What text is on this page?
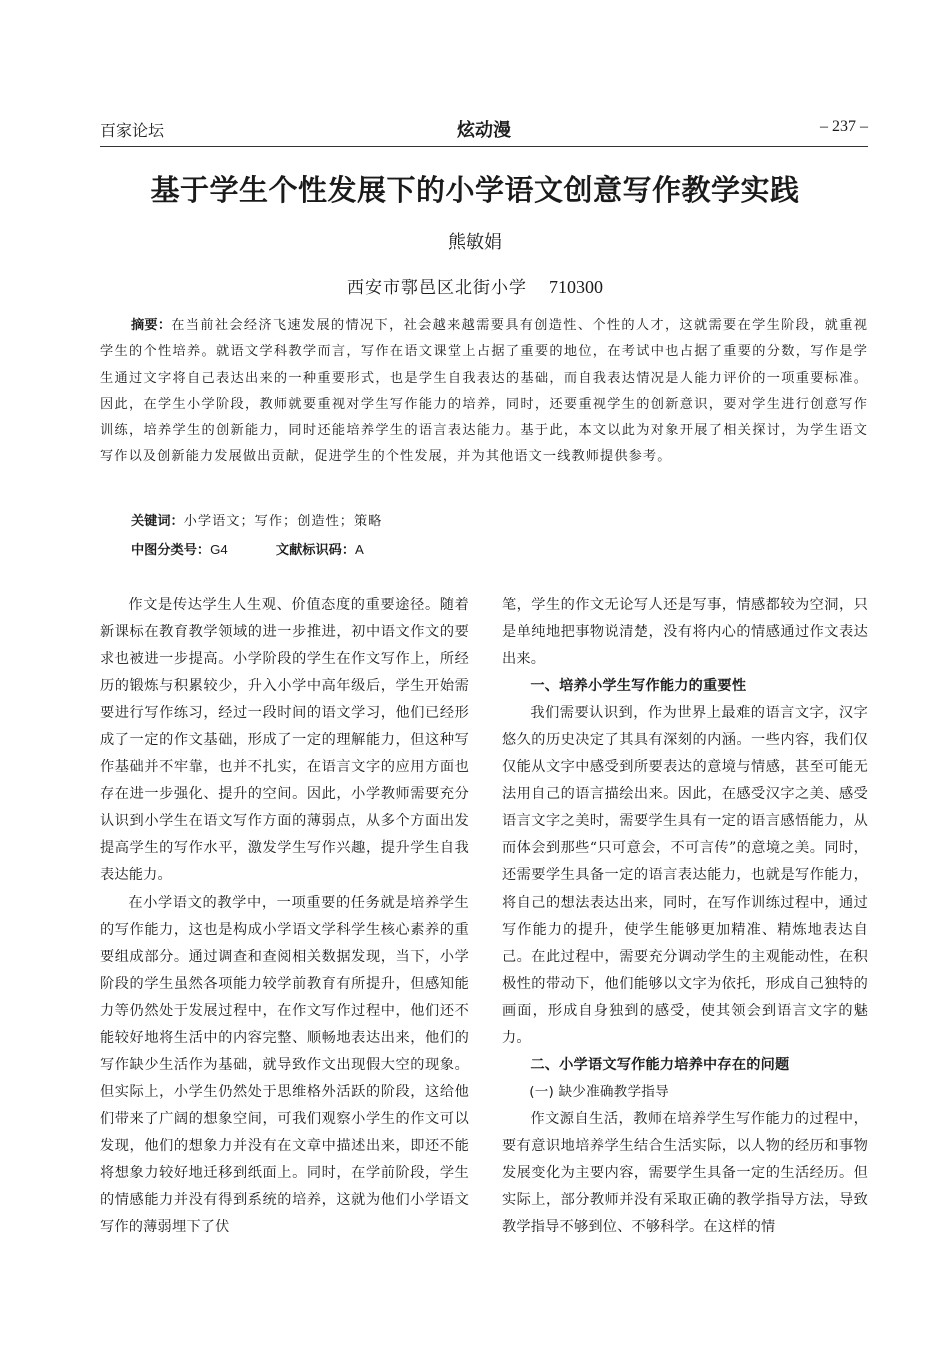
百家论坛	炫动漫	– 237 –
基于学生个性发展下的小学语文创意写作教学实践
熊敏娟
西安市鄠邑区北街小学 710300
摘要：在当前社会经济飞速发展的情况下，社会越来越需要具有创造性、个性的人才，这就需要在学生阶段，就重视学生的个性培养。就语文学科教学而言，写作在语文课堂上占据了重要的地位，在考试中也占据了重要的分数，写作是学生通过文字将自己表达出来的一种重要形式，也是学生自我表达的基础，而自我表达情况是人能力评价的一项重要标准。因此，在学生小学阶段，教师就要重视对学生写作能力的培养，同时，还要重视学生的创新意识，要对学生进行创意写作训练，培养学生的创新能力，同时还能培养学生的语言表达能力。基于此，本文以此为对象开展了相关探讨，为学生语文写作以及创新能力发展做出贡献，促进学生的个性发展，并为其他语文一线教师提供参考。
关键词：小学语文；写作；创造性；策略
中图分类号：G4	文献标识码：A

作文是传达学生人生观、价值态度的重要途径。随着新课标在教育教学领域的进一步推进，初中语文作文的要求也被进一步提高。小学阶段的学生在作文写作上，所经历的锻炼与积累较少，升入小学中高年级后，学生开始需要进行写作练习，经过一段时间的语文学习，他们已经形成了一定的作文基础，形成了一定的理解能力，但这种写作基础并不牢靠，也并不扎实，在语言文字的应用方面也存在进一步强化、提升的空间。因此，小学教师需要充分认识到小学生在语文写作方面的薄弱点，从多个方面出发提高学生的写作水平，激发学生写作兴趣，提升学生自我表达能力。

在小学语文的教学中，一项重要的任务就是培养学生的写作能力，这也是构成小学语文学科学生核心素养的重要组成部分。通过调查和查阅相关数据发现，当下，小学阶段的学生虽然各项能力较学前教育有所提升，但感知能力等仍然处于发展过程中，在作文写作过程中，他们还不能较好地将生活中的内容完整、顺畅地表达出来，他们的写作缺少生活作为基础，就导致作文出现假大空的现象。但实际上，小学生仍然处于思维格外活跃的阶段，这给他们带来了广阔的想象空间，可我们观察小学生的作文可以发现，他们的想象力并没有在文章中描述出来，即还不能将想象力较好地迁移到纸面上。同时，在学前阶段，学生的情感能力并没有得到系统的培养，这就为他们小学语文写作的薄弱埋下了伏

笔，学生的作文无论写人还是写事，情感都较为空洞，只是单纯地把事物说清楚，没有将内心的情感通过作文表达出来。

一、培养小学生写作能力的重要性

我们需要认识到，作为世界上最难的语言文字，汉字悠久的历史决定了其具有深刻的内涵。一些内容，我们仅仅能从文字中感受到所要表达的意境与情感，甚至可能无法用自己的语言描绘出来。因此，在感受汉字之美、感受语言文字之美时，需要学生具有一定的语言感悟能力，从而体会到那些“只可意会，不可言传”的意境之美。同时，还需要学生具备一定的语言表达能力，也就是写作能力，将自己的想法表达出来，同时，在写作训练过程中，通过写作能力的提升，使学生能够更加精准、精炼地表达自己。在此过程中，需要充分调动学生的主观能动性，在积极性的带动下，他们能够以文字为依托，形成自己独特的画面，形成自身独到的感受，使其领会到语言文字的魅力。

二、小学语文写作能力培养中存在的问题
(一) 缺少准确教学指导

作文源自生活，教师在培养学生写作能力的过程中，要有意识地培养学生结合生活实际，以人物的经历和事物发展变化为主要内容，需要学生具备一定的生活经历。但实际上，部分教师并没有采取正确的教学指导方法，导致教学指导不够到位、不够科学。在这样的情
